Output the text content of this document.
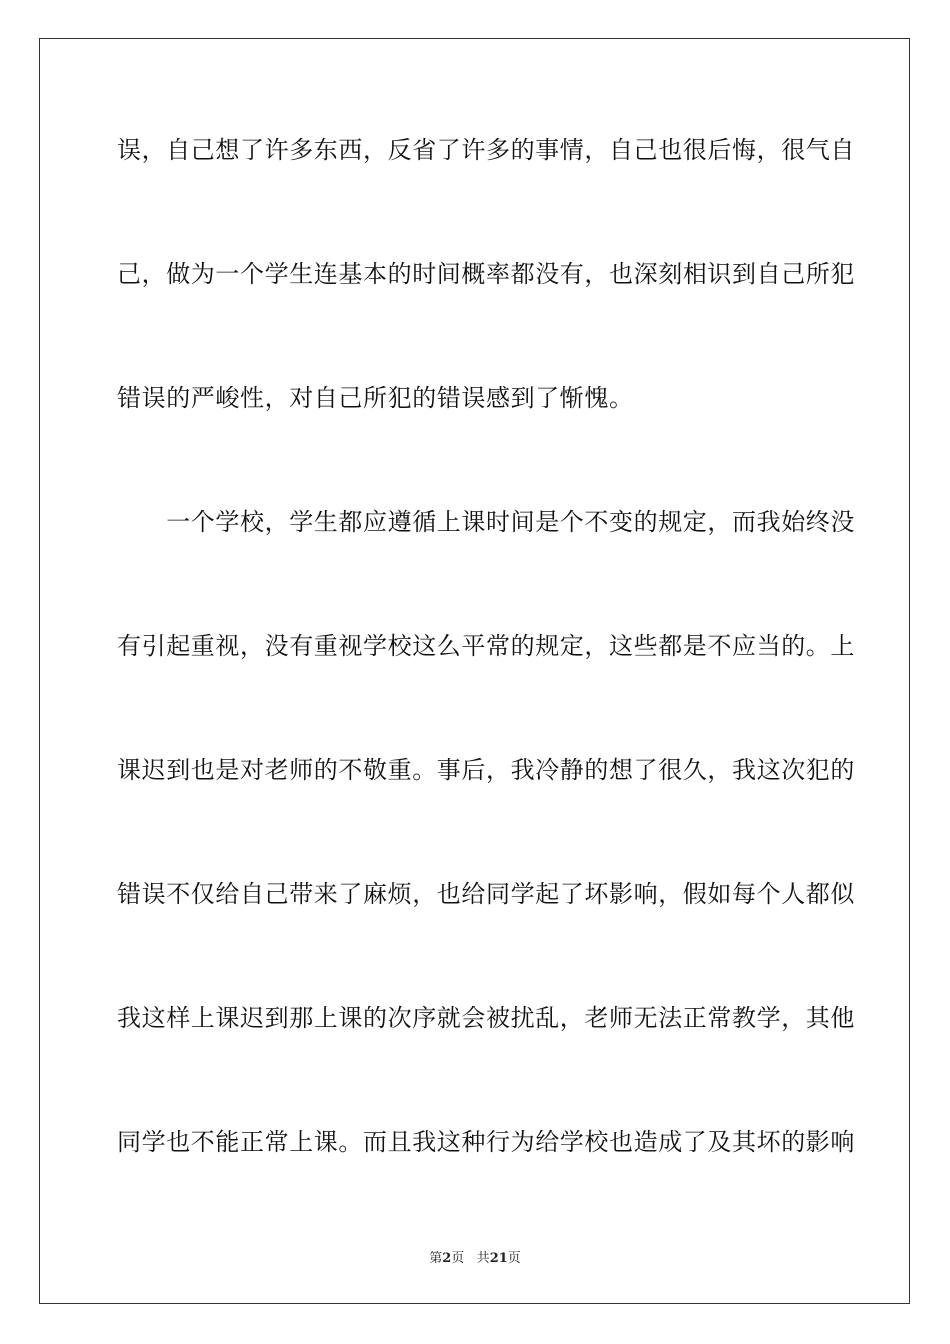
误，自己想了许多东西，反省了许多的事情，自己也很后悔，很气自
己，做为一个学生连基本的时间概率都没有，也深刻相识到自己所犯
错误的严峻性，对自己所犯的错误感到了惭愧。
　　一个学校，学生都应遵循上课时间是个不变的规定，而我始终没
有引起重视，没有重视学校这么平常的规定，这些都是不应当的。上
课迟到也是对老师的不敬重。事后，我冷静的想了很久，我这次犯的
错误不仅给自己带来了麻烦，也给同学起了坏影响，假如每个人都似
我这样上课迟到那上课的次序就会被扰乱，老师无法正常教学，其他
同学也不能正常上课。而且我这种行为给学校也造成了及其坏的影响
第2页 共21页
